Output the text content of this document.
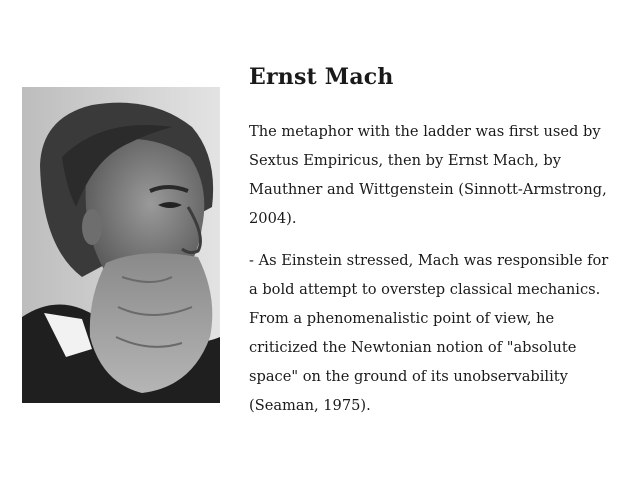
Ernst Mach
The metaphor with the ladder was first used by
Sextus Empiricus, then by Ernst Mach, by
Mauthner and Wittgenstein (Sinnott-Armstrong,
2004).
- As Einstein stressed, Mach was responsible for
a bold attempt to overstep classical mechanics.
From a phenomenalistic point of view, he
criticized the Newtonian notion of "absolute
space" on the ground of its unobservability
(Seaman, 1975).
